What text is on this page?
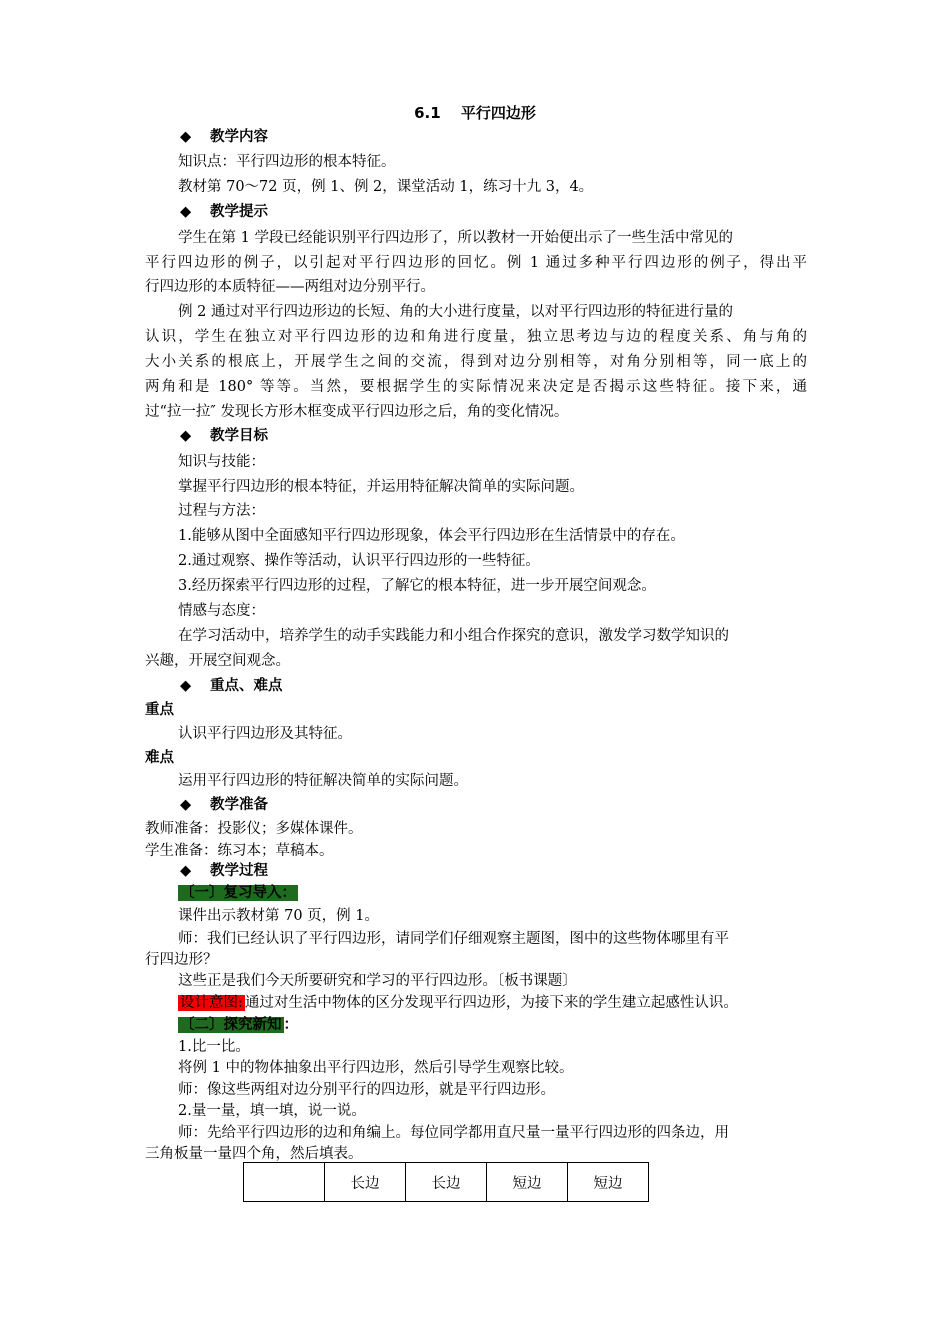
6.1　 平行四边形
◆ 教学内容
知识点：平行四边形的根本特征。
教材第 70～72 页，例 1、例 2，课堂活动 1，练习十九 3，4。
◆ 教学提示
学生在第 1 学段已经能识别平行四边形了，所以教材一开始便出示了一些生活中常见的
平行四边形的例子，以引起对平行四边形的回忆。例 1 通过多种平行四边形的例子，得出平
行四边形的本质特征——两组对边分别平行。
例 2 通过对平行四边形边的长短、角的大小进行度量，以对平行四边形的特征进行量的
认识，学生在独立对平行四边形的边和角进行度量，独立思考边与边的程度关系、角与角的
大小关系的根底上，开展学生之间的交流，得到对边分别相等，对角分别相等，同一底上的
两角和是 180° 等等。当然，要根据学生的实际情况来决定是否揭示这些特征。接下来，通
过“拉一拉″ 发现长方形木框变成平行四边形之后，角的变化情况。
◆ 教学目标
知识与技能：
掌握平行四边形的根本特征，并运用特征解决简单的实际问题。
过程与方法：
1.能够从图中全面感知平行四边形现象，体会平行四边形在生活情景中的存在。
2.通过观察、操作等活动，认识平行四边形的一些特征。
3.经历探索平行四边形的过程，了解它的根本特征，进一步开展空间观念。
情感与态度：
在学习活动中，培养学生的动手实践能力和小组合作探究的意识，激发学习数学知识的
兴趣，开展空间观念。
◆ 重点、难点
重点
认识平行四边形及其特征。
难点
运用平行四边形的特征解决简单的实际问题。
◆ 教学准备
教师准备：投影仪；多媒体课件。
学生准备：练习本；草稿本。
◆ 教学过程
〔一〕复习导入：
课件出示教材第 70 页，例 1。
师：我们已经认识了平行四边形，请同学们仔细观察主题图，图中的这些物体哪里有平
行四边形？
这些正是我们今天所要研究和学习的平行四边形。〔板书课题〕
设计意图: 通过对生活中物体的区分发现平行四边形，为接下来的学生建立起感性认识。
〔二〕探究新知 ：
1.比一比。
将例 1 中的物体抽象出平行四边形，然后引导学生观察比较。
师：像这些两组对边分别平行的四边形，就是平行四边形。
2.量一量，填一填，说一说。
师：先给平行四边形的边和角编上。每位同学都用直尺量一量平行四边形的四条边，用
三角板量一量四个角，然后填表。
	长边	长边	短边	短边
